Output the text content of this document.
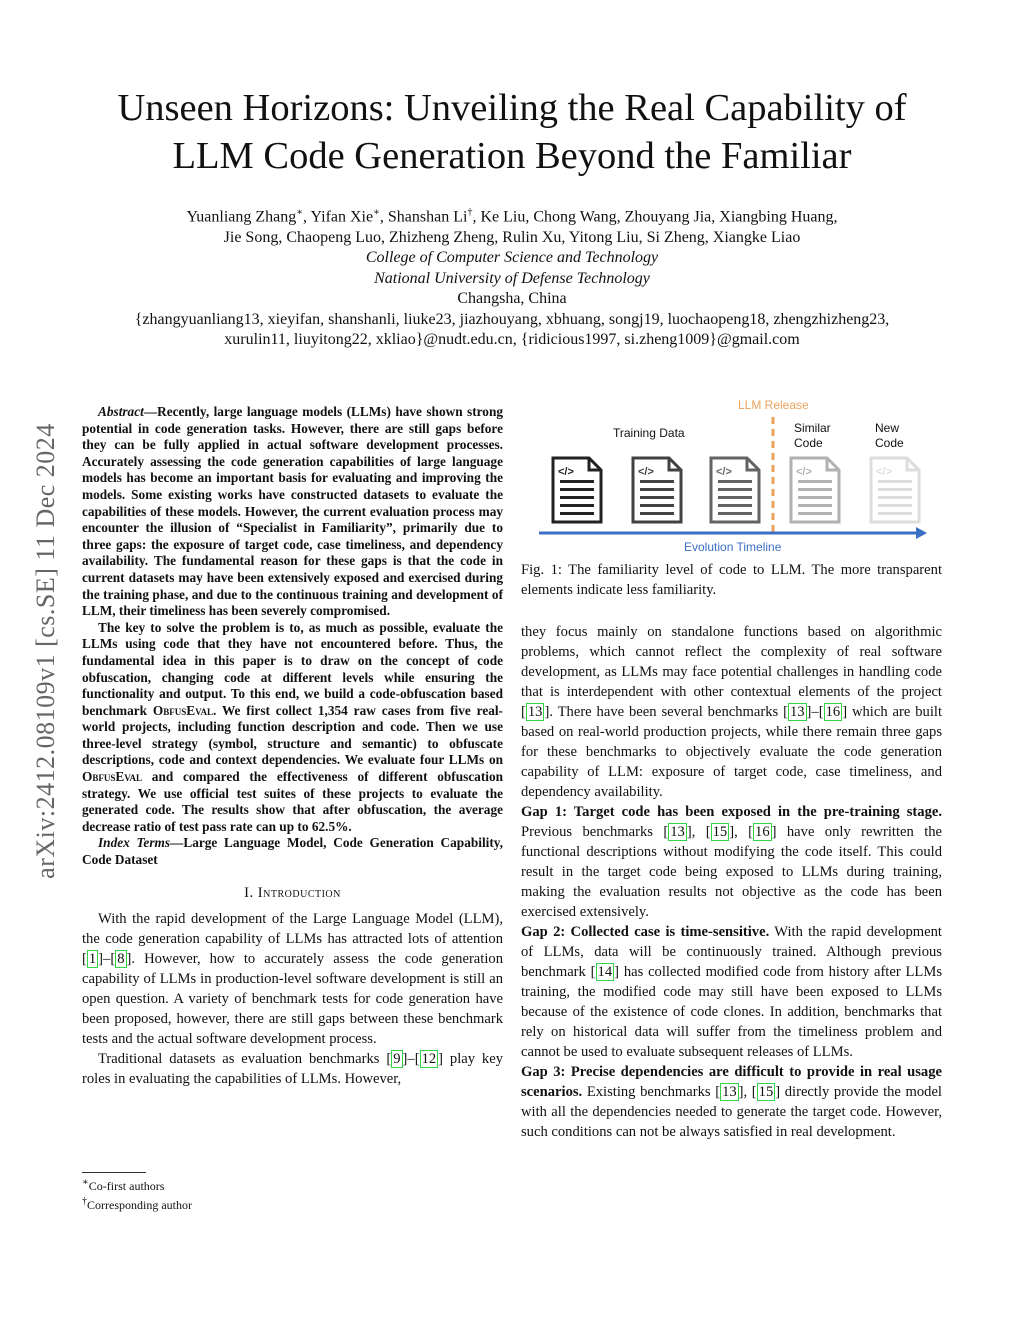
arXiv:2412.08109v1 [cs.SE] 11 Dec 2024
Unseen Horizons: Unveiling the Real Capability of
LLM Code Generation Beyond the Familiar
Yuanliang Zhang∗, Yifan Xie∗, Shanshan Li†, Ke Liu, Chong Wang, Zhouyang Jia, Xiangbing Huang,
Jie Song, Chaopeng Luo, Zhizheng Zheng, Rulin Xu, Yitong Liu, Si Zheng, Xiangke Liao
College of Computer Science and Technology
National University of Defense Technology
Changsha, China
{zhangyuanliang13, xieyifan, shanshanli, liuke23, jiazhouyang, xbhuang, songj19, luochaopeng18, zhengzhizheng23,
xurulin11, liuyitong22, xkliao}@nudt.edu.cn, {ridicious1997, si.zheng1009}@gmail.com

Abstract—Recently, large language models (LLMs) have shown strong potential in code generation tasks. However, there are still gaps before they can be fully applied in actual software development processes. Accurately assessing the code generation capabilities of large language models has become an important basis for evaluating and improving the models. Some existing works have constructed datasets to evaluate the capabilities of these models. However, the current evaluation process may encounter the illusion of “Specialist in Familiarity”, primarily due to three gaps: the exposure of target code, case timeliness, and dependency availability. The fundamental reason for these gaps is that the code in current datasets may have been extensively exposed and exercised during the training phase, and due to the continuous training and development of LLM, their timeliness has been severely compromised.

The key to solve the problem is to, as much as possible, evaluate the LLMs using code that they have not encountered before. Thus, the fundamental idea in this paper is to draw on the concept of code obfuscation, changing code at different levels while ensuring the functionality and output. To this end, we build a code-obfuscation based benchmark ObfusEval. We first collect 1,354 raw cases from five real-world projects, including function description and code. Then we use three-level strategy (symbol, structure and semantic) to obfuscate descriptions, code and context dependencies. We evaluate four LLMs on ObfusEval and compared the effectiveness of different obfuscation strategy. We use official test suites of these projects to evaluate the generated code. The results show that after obfuscation, the average decrease ratio of test pass rate can up to 62.5%.

Index Terms—Large Language Model, Code Generation Capability, Code Dataset

I. Introduction

With the rapid development of the Large Language Model (LLM), the code generation capability of LLMs has attracted lots of attention [ 1 ]–[ 8 ]. However, how to accurately assess the code generation capability of LLMs in production-level software development is still an open question. A variety of benchmark tests for code generation have been proposed, however, there are still gaps between these benchmark tests and the actual software development process.

Traditional datasets as evaluation benchmarks [ 9 ]–[ 12 ] play key roles in evaluating the capabilities of LLMs. However,

∗Co-first authors
†Corresponding author
LLM Release
Training Data	Similar
Code
New
Code
</>	</>	</>	</>	</>
Evolution Timeline
Fig. 1: The familiarity level of code to LLM. The more transparent elements indicate less familiarity.

they focus mainly on standalone functions based on algorithmic problems, which cannot reflect the complexity of real software development, as LLMs may face potential challenges in handling code that is interdependent with other contextual elements of the project [ 13 ]. There have been several benchmarks [ 13 ]–[ 16 ] which are built based on real-world production projects, while there remain three gaps for these benchmarks to objectively evaluate the code generation capability of LLM: exposure of target code, case timeliness, and dependency availability.

Gap 1: Target code has been exposed in the pre-training stage. Previous benchmarks [ 13 ], [ 15 ], [ 16 ] have only rewritten the functional descriptions without modifying the code itself. This could result in the target code being exposed to LLMs during training, making the evaluation results not objective as the code has been exercised extensively.

Gap 2: Collected case is time-sensitive. With the rapid development of LLMs, data will be continuously trained. Although previous benchmark [ 14 ] has collected modified code from history after LLMs training, the modified code may still have been exposed to LLMs because of the existence of code clones. In addition, benchmarks that rely on historical data will suffer from the timeliness problem and cannot be used to evaluate subsequent releases of LLMs.

Gap 3: Precise dependencies are difficult to provide in real usage scenarios. Existing benchmarks [ 13 ], [ 15 ] directly provide the model with all the dependencies needed to generate the target code. However, such conditions can not be always satisfied in real development.
